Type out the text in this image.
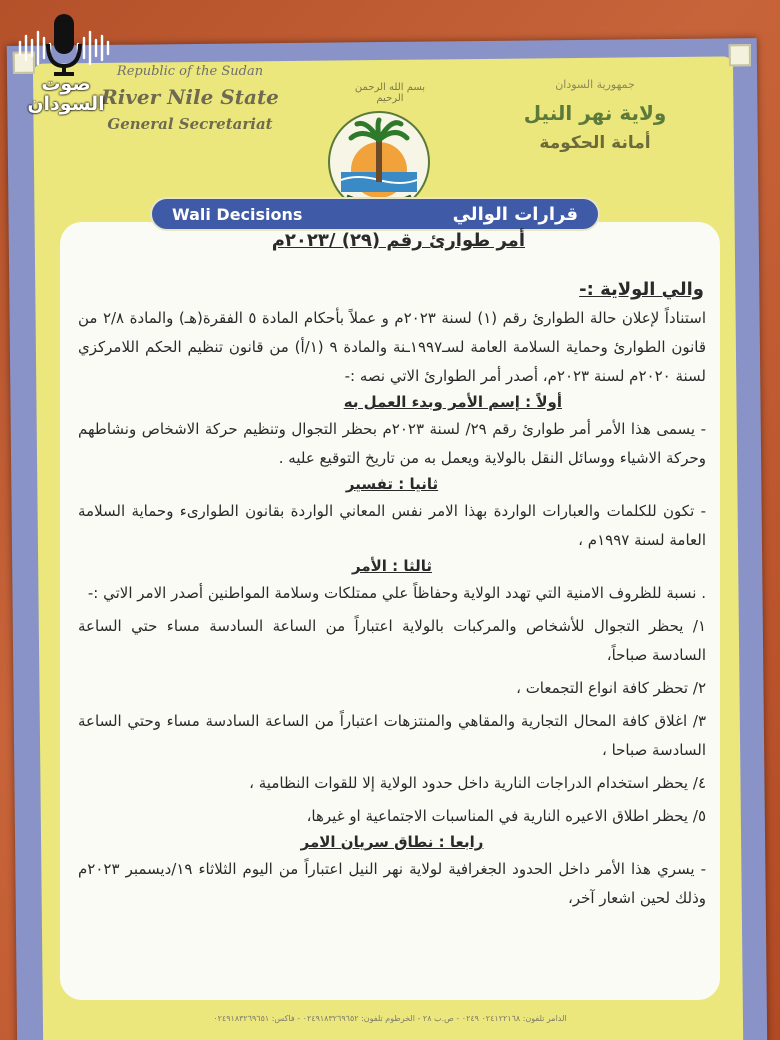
Republic of the Sudan
River Nile State
General Secretariat
بسم الله الرحمن الرحيم
جمهورية السودان
ولاية نهر النيل
أمانة الحكومة
Wali Decisions	قرارات الوالي
أمر طوارئ رقم (٢٩) /٢٠٢٣م
والي الولاية :-

استناداً لإعلان حالة الطوارئ رقم (١) لسنة ٢٠٢٣م و عملاً بأحكام المادة ٥ الفقرة(هـ) والمادة ٢/٨ من قانون الطوارئ وحماية السلامة العامة لسـ١٩٩٧ـنة والمادة ٩ (١/أ) من قانون تنظيم الحكم اللامركزي لسنة ٢٠٢٠م لسنة ٢٠٢٣م، أصدر أمر الطوارئ الاتي نصه :-

أولاً : إسم الأمر وبدء العمل به

- يسمى هذا الأمر أمر طوارئ رقم ٢٩/ لسنة ٢٠٢٣م بحظر التجوال وتنظيم حركة الاشخاص ونشاطهم وحركة الاشياء ووسائل النقل بالولاية ويعمل به من تاريخ التوقيع عليه .

ثانيا : تفسير

- تكون للكلمات والعبارات الواردة بهذا الامر نفس المعاني الواردة بقانون الطوارىء وحماية السلامة العامة لسنة ١٩٩٧م ،

ثالثا : الأمر

. نسبة للظروف الامنية التي تهدد الولاية وحفاظاً علي ممتلكات وسلامة المواطنين أصدر الامر الاتي :-

١/ يحظر التجوال للأشخاص والمركبات بالولاية اعتباراً من الساعة السادسة مساء حتي الساعة السادسة صباحاً،

٢/ تحظر كافة انواع التجمعات ،

٣/ اغلاق كافة المحال التجارية والمقاهي والمنتزهات اعتباراً من الساعة السادسة مساء وحتي الساعة السادسة صباحا ،

٤/ يحظر استخدام الدراجات النارية داخل حدود الولاية إلا للقوات النظامية ،

٥/ يحظر اطلاق الاعيره النارية في المناسبات الاجتماعية او غيرها،

رابعا : نطاق سريان الامر

- يسري هذا الأمر داخل الحدود الجغرافية لولاية نهر النيل اعتباراً من اليوم الثلاثاء ١٩/ديسمبر ٢٠٢٣م وذلك لحين اشعار آخر،

الدامر تلفون: ٠٢٤١٢٢١٦٨ ٠٢٤٩ - ص.ب ٢٨ - الخرطوم تلفون: ٠٢٤٩١٨٣٢٦٩٦٥٢ - فاكس: ٠٢٤٩١٨٣٢٦٩٦٥١
صوت
السودان
